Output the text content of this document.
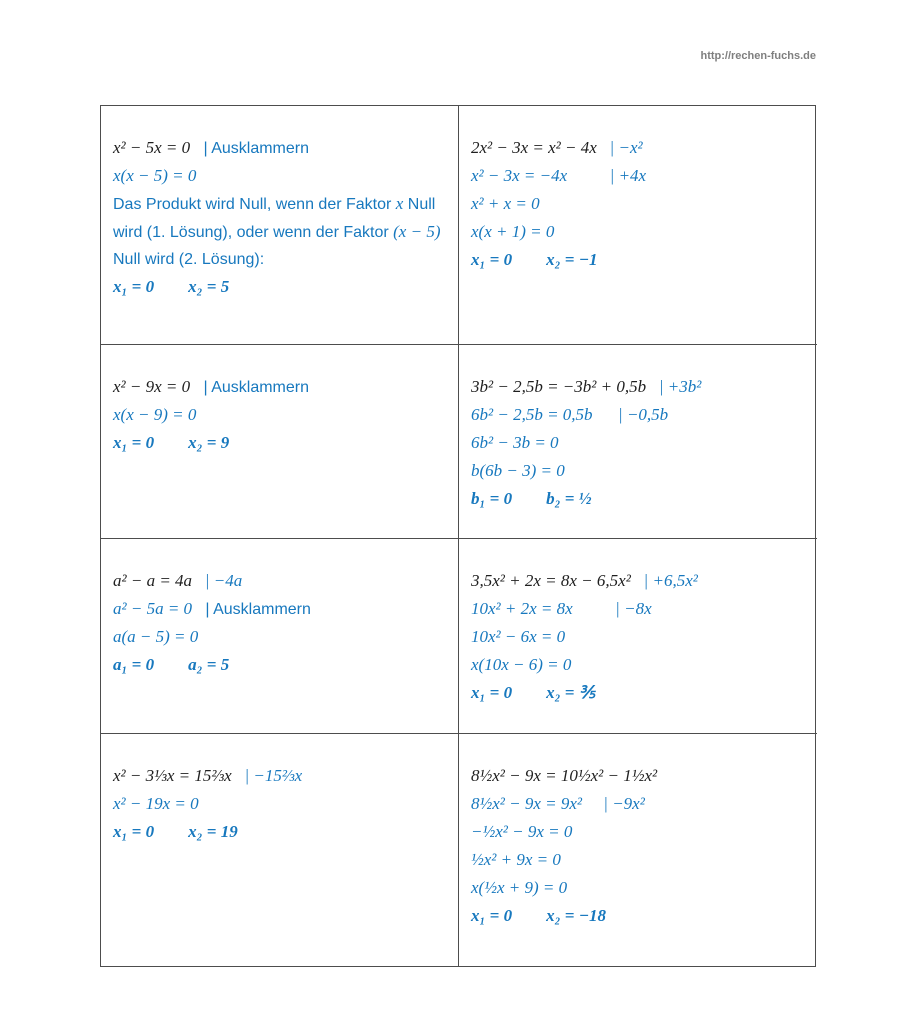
http://rechen-fuchs.de
x² − 5x = 0   | Ausklammern
x(x − 5) = 0
Das Produkt wird Null, wenn der Faktor x Null wird (1. Lösung), oder wenn der Faktor (x − 5) Null wird (2. Lösung):
x₁ = 0        x₂ = 5
2x² − 3x = x² − 4x   | −x²
x² − 3x = −4x          | +4x
x² + x = 0
x(x + 1) = 0
x₁ = 0        x₂ = −1
x² − 9x = 0   | Ausklammern
x(x − 9) = 0
x₁ = 0        x₂ = 9
3b² − 2,5b = −3b² + 0,5b   | +3b²
6b² − 2,5b = 0,5b      | −0,5b
6b² − 3b = 0
b(6b − 3) = 0
b₁ = 0        b₂ = ½
a² − a = 4a   | −4a
a² − 5a = 0   | Ausklammern
a(a − 5) = 0
a₁ = 0        a₂ = 5
3,5x² + 2x = 8x − 6,5x²   | +6,5x²
10x² + 2x = 8x          | −8x
10x² − 6x = 0
x(10x − 6) = 0
x₁ = 0        x₂ = ⅗
x² − 3⅓x = 15⅔x   | −15⅔x
x² − 19x = 0
x₁ = 0        x₂ = 19
8½x² − 9x = 10½x² − 1½x²
8½x² − 9x = 9x²     | −9x²
−½x² − 9x = 0
½x² + 9x = 0
x(½x + 9) = 0
x₁ = 0        x₂ = −18
